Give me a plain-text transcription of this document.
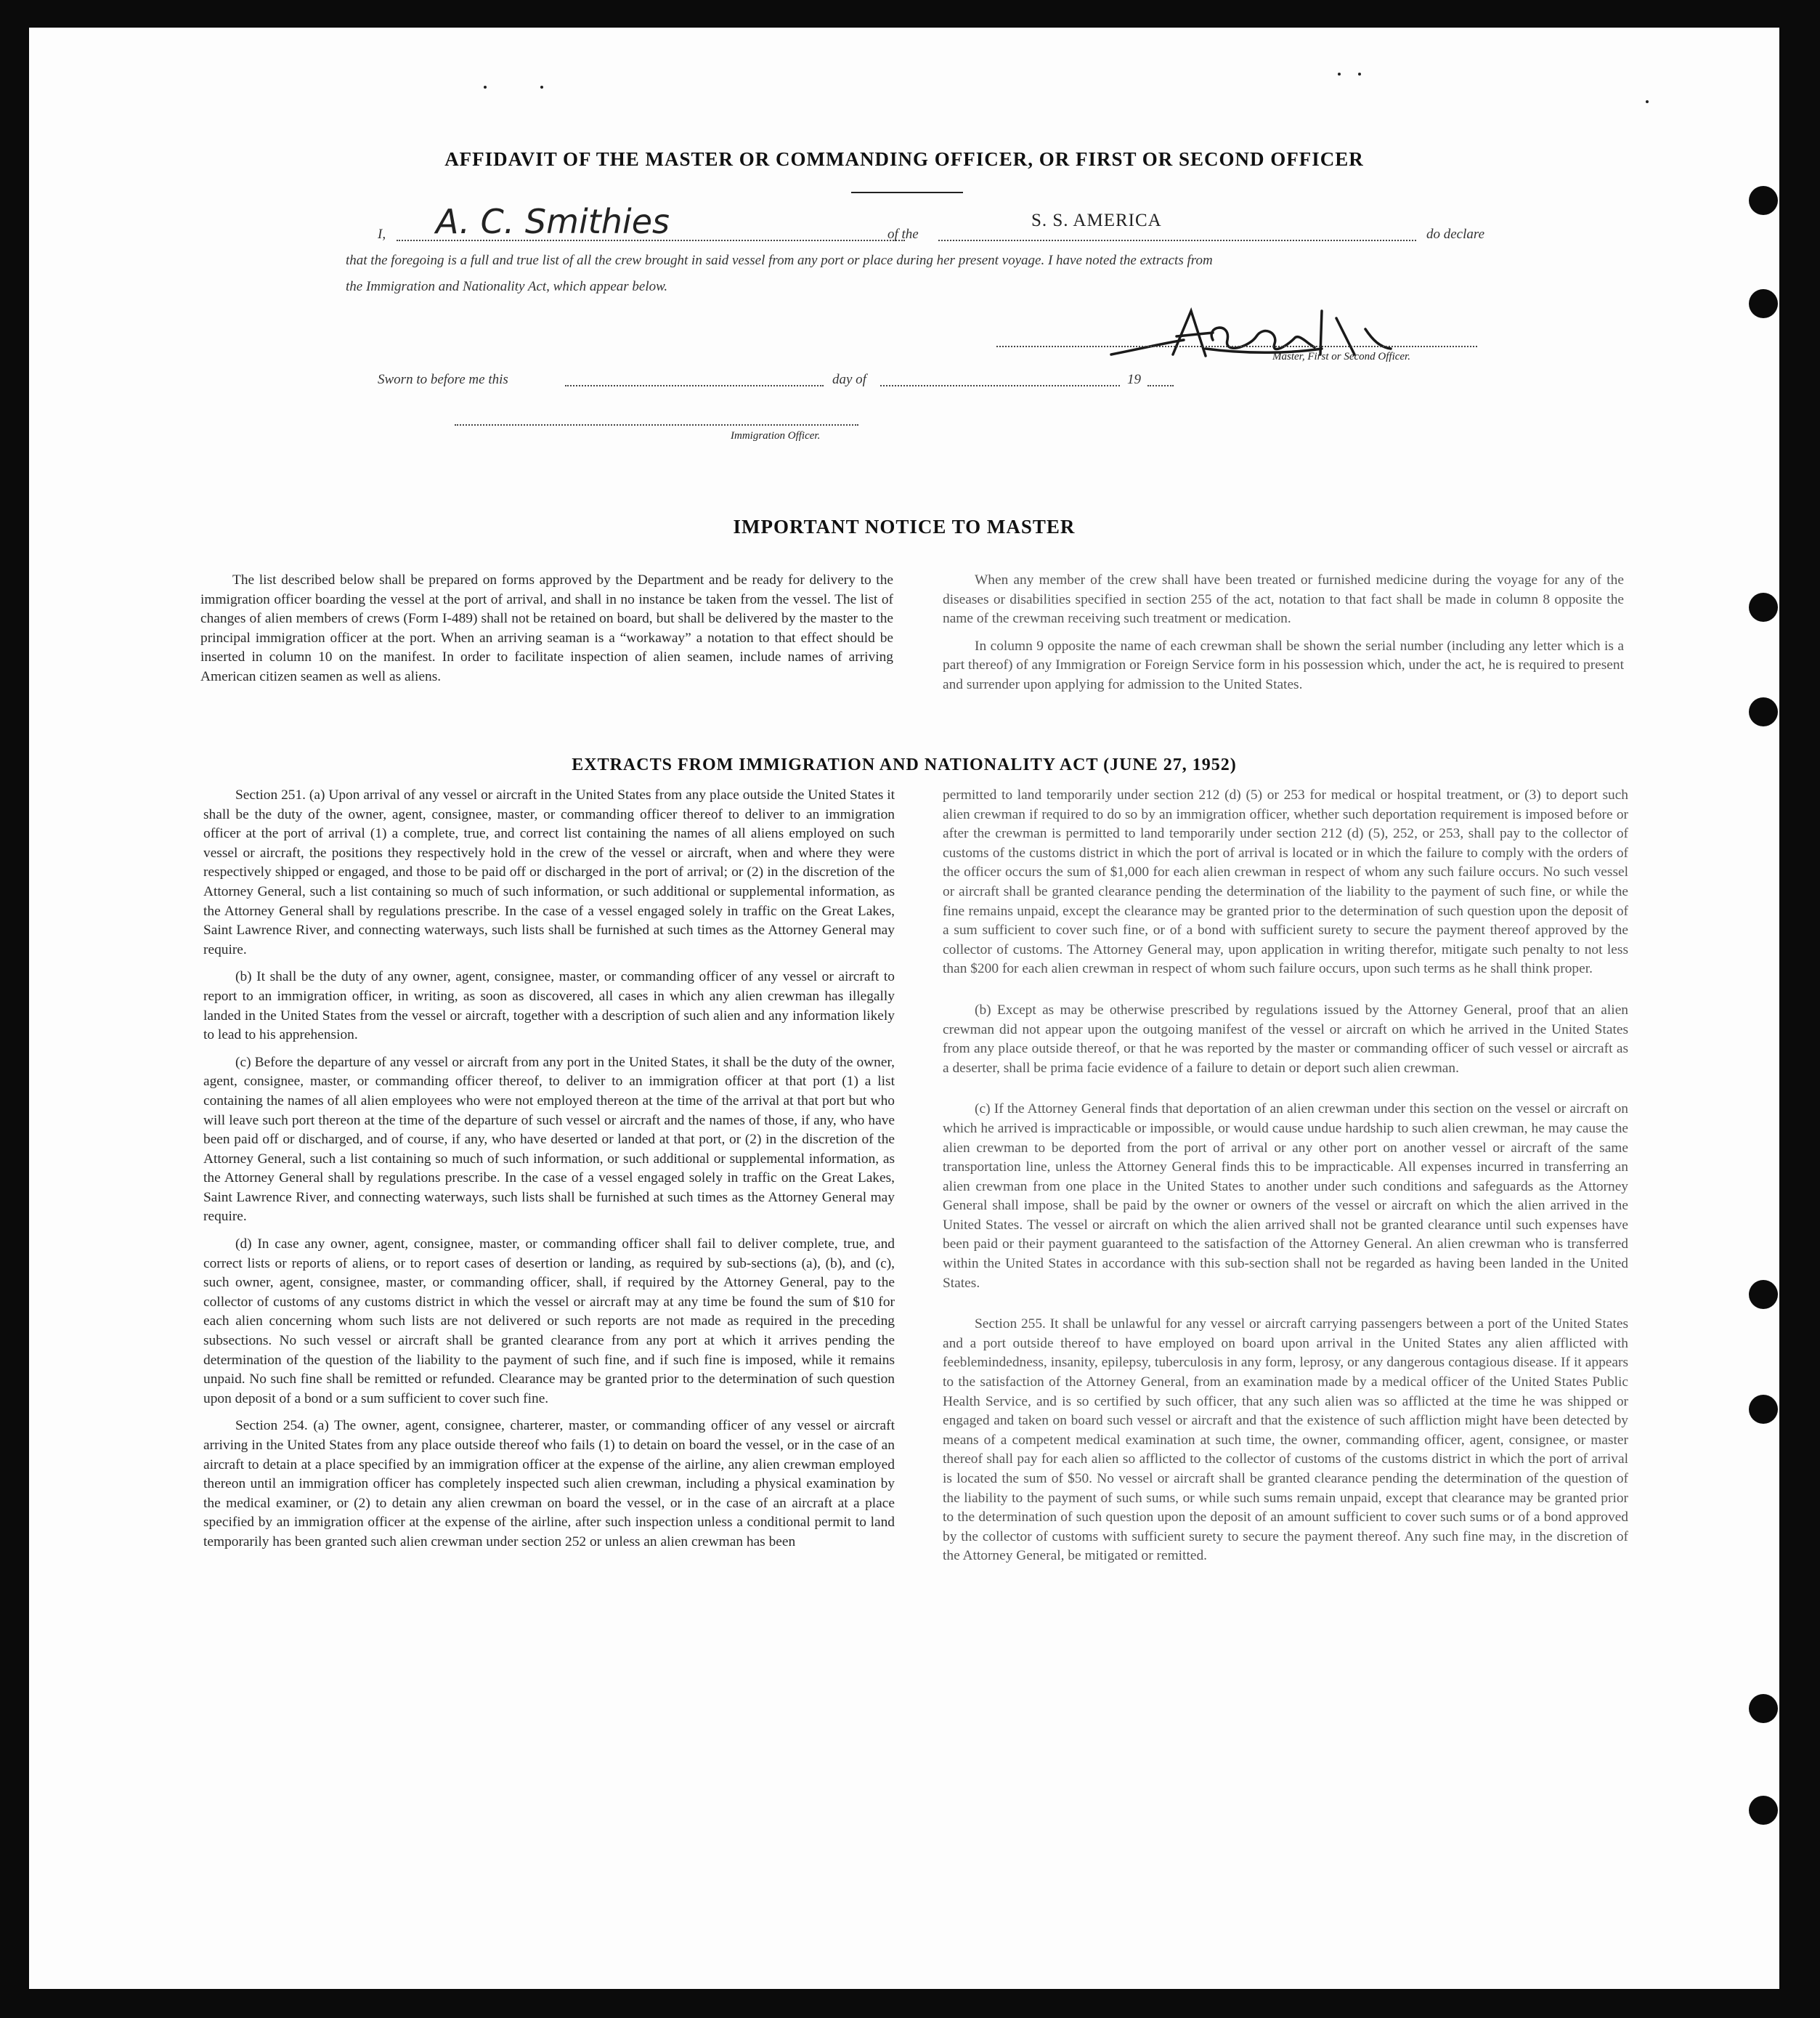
AFFIDAVIT OF THE MASTER OR COMMANDING OFFICER, OR FIRST OR SECOND OFFICER
I, A. C. Smithies	of the
S. S. AMERICA
do declare
that the foregoing is a full and true list of all the crew brought in said vessel from any port or place during her present voyage. I have noted the extracts from
the Immigration and Nationality Act, which appear below.
Master, First or Second Officer.
Sworn to before me this	day of	19
Immigration Officer.
IMPORTANT NOTICE TO MASTER

The list described below shall be prepared on forms approved by the Department and be ready for delivery to the immigration officer boarding the vessel at the port of arrival, and shall in no instance be taken from the vessel. The list of changes of alien members of crews (Form I-489) shall not be retained on board, but shall be delivered by the master to the principal immigration officer at the port. When an arriving seaman is a “workaway” a notation to that effect should be inserted in column 10 on the manifest. In order to facilitate inspection of alien seamen, include names of arriving American citizen seamen as well as aliens.

When any member of the crew shall have been treated or furnished medicine during the voyage for any of the diseases or disabilities specified in section 255 of the act, notation to that fact shall be made in column 8 opposite the name of the crewman receiving such treatment or medication.

In column 9 opposite the name of each crewman shall be shown the serial number (including any letter which is a part thereof) of any Immigration or Foreign Service form in his possession which, under the act, he is required to present and surrender upon applying for admission to the United States.

EXTRACTS FROM IMMIGRATION AND NATIONALITY ACT (JUNE 27, 1952)

Section 251. (a) Upon arrival of any vessel or aircraft in the United States from any place outside the United States it shall be the duty of the owner, agent, consignee, master, or commanding officer thereof to deliver to an immigration officer at the port of arrival (1) a complete, true, and correct list containing the names of all aliens employed on such vessel or aircraft, the positions they respectively hold in the crew of the vessel or aircraft, when and where they were respectively shipped or engaged, and those to be paid off or discharged in the port of arrival; or (2) in the discretion of the Attorney General, such a list containing so much of such information, or such additional or supplemental information, as the Attorney General shall by regulations prescribe. In the case of a vessel engaged solely in traffic on the Great Lakes, Saint Lawrence River, and connecting waterways, such lists shall be furnished at such times as the Attorney General may require.

(b) It shall be the duty of any owner, agent, consignee, master, or commanding officer of any vessel or aircraft to report to an immigration officer, in writing, as soon as discovered, all cases in which any alien crewman has illegally landed in the United States from the vessel or aircraft, together with a description of such alien and any information likely to lead to his apprehension.

(c) Before the departure of any vessel or aircraft from any port in the United States, it shall be the duty of the owner, agent, consignee, master, or commanding officer thereof, to deliver to an immigration officer at that port (1) a list containing the names of all alien employees who were not employed thereon at the time of the arrival at that port but who will leave such port thereon at the time of the departure of such vessel or aircraft and the names of those, if any, who have been paid off or discharged, and of course, if any, who have deserted or landed at that port, or (2) in the discretion of the Attorney General, such a list containing so much of such information, or such additional or supplemental information, as the Attorney General shall by regulations prescribe. In the case of a vessel engaged solely in traffic on the Great Lakes, Saint Lawrence River, and connecting waterways, such lists shall be furnished at such times as the Attorney General may require.

(d) In case any owner, agent, consignee, master, or commanding officer shall fail to deliver complete, true, and correct lists or reports of aliens, or to report cases of desertion or landing, as required by sub-sections (a), (b), and (c), such owner, agent, consignee, master, or commanding officer, shall, if required by the Attorney General, pay to the collector of customs of any customs district in which the vessel or aircraft may at any time be found the sum of $10 for each alien concerning whom such lists are not delivered or such reports are not made as required in the preceding subsections. No such vessel or aircraft shall be granted clearance from any port at which it arrives pending the determination of the question of the liability to the payment of such fine, and if such fine is imposed, while it remains unpaid. No such fine shall be remitted or refunded. Clearance may be granted prior to the determination of such question upon deposit of a bond or a sum sufficient to cover such fine.

Section 254. (a) The owner, agent, consignee, charterer, master, or commanding officer of any vessel or aircraft arriving in the United States from any place outside thereof who fails (1) to detain on board the vessel, or in the case of an aircraft to detain at a place specified by an immigration officer at the expense of the airline, any alien crewman employed thereon until an immigration officer has completely inspected such alien crewman, including a physical examination by the medical examiner, or (2) to detain any alien crewman on board the vessel, or in the case of an aircraft at a place specified by an immigration officer at the expense of the airline, after such inspection unless a conditional permit to land temporarily has been granted such alien crewman under section 252 or unless an alien crewman has been

permitted to land temporarily under section 212 (d) (5) or 253 for medical or hospital treatment, or (3) to deport such alien crewman if required to do so by an immigration officer, whether such deportation requirement is imposed before or after the crewman is permitted to land temporarily under section 212 (d) (5), 252, or 253, shall pay to the collector of customs of the customs district in which the port of arrival is located or in which the failure to comply with the orders of the officer occurs the sum of $1,000 for each alien crewman in respect of whom any such failure occurs. No such vessel or aircraft shall be granted clearance pending the determination of the liability to the payment of such fine, or while the fine remains unpaid, except the clearance may be granted prior to the determination of such question upon the deposit of a sum sufficient to cover such fine, or of a bond with sufficient surety to secure the payment thereof approved by the collector of customs. The Attorney General may, upon application in writing therefor, mitigate such penalty to not less than $200 for each alien crewman in respect of whom such failure occurs, upon such terms as he shall think proper.

(b) Except as may be otherwise prescribed by regulations issued by the Attorney General, proof that an alien crewman did not appear upon the outgoing manifest of the vessel or aircraft on which he arrived in the United States from any place outside thereof, or that he was reported by the master or commanding officer of such vessel or aircraft as a deserter, shall be prima facie evidence of a failure to detain or deport such alien crewman.

(c) If the Attorney General finds that deportation of an alien crewman under this section on the vessel or aircraft on which he arrived is impracticable or impossible, or would cause undue hardship to such alien crewman, he may cause the alien crewman to be deported from the port of arrival or any other port on another vessel or aircraft of the same transportation line, unless the Attorney General finds this to be impracticable. All expenses incurred in transferring an alien crewman from one place in the United States to another under such conditions and safeguards as the Attorney General shall impose, shall be paid by the owner or owners of the vessel or aircraft on which the alien arrived in the United States. The vessel or aircraft on which the alien arrived shall not be granted clearance until such expenses have been paid or their payment guaranteed to the satisfaction of the Attorney General. An alien crewman who is transferred within the United States in accordance with this sub-section shall not be regarded as having been landed in the United States.

Section 255. It shall be unlawful for any vessel or aircraft carrying passengers between a port of the United States and a port outside thereof to have employed on board upon arrival in the United States any alien afflicted with feeblemindedness, insanity, epilepsy, tuberculosis in any form, leprosy, or any dangerous contagious disease. If it appears to the satisfaction of the Attorney General, from an examination made by a medical officer of the United States Public Health Service, and is so certified by such officer, that any such alien was so afflicted at the time he was shipped or engaged and taken on board such vessel or aircraft and that the existence of such affliction might have been detected by means of a competent medical examination at such time, the owner, commanding officer, agent, consignee, or master thereof shall pay for each alien so afflicted to the collector of customs of the customs district in which the port of arrival is located the sum of $50. No vessel or aircraft shall be granted clearance pending the determination of the question of the liability to the payment of such sums, or while such sums remain unpaid, except that clearance may be granted prior to the determination of such question upon the deposit of an amount sufficient to cover such sums or of a bond approved by the collector of customs with sufficient surety to secure the payment thereof. Any such fine may, in the discretion of the Attorney General, be mitigated or remitted.
